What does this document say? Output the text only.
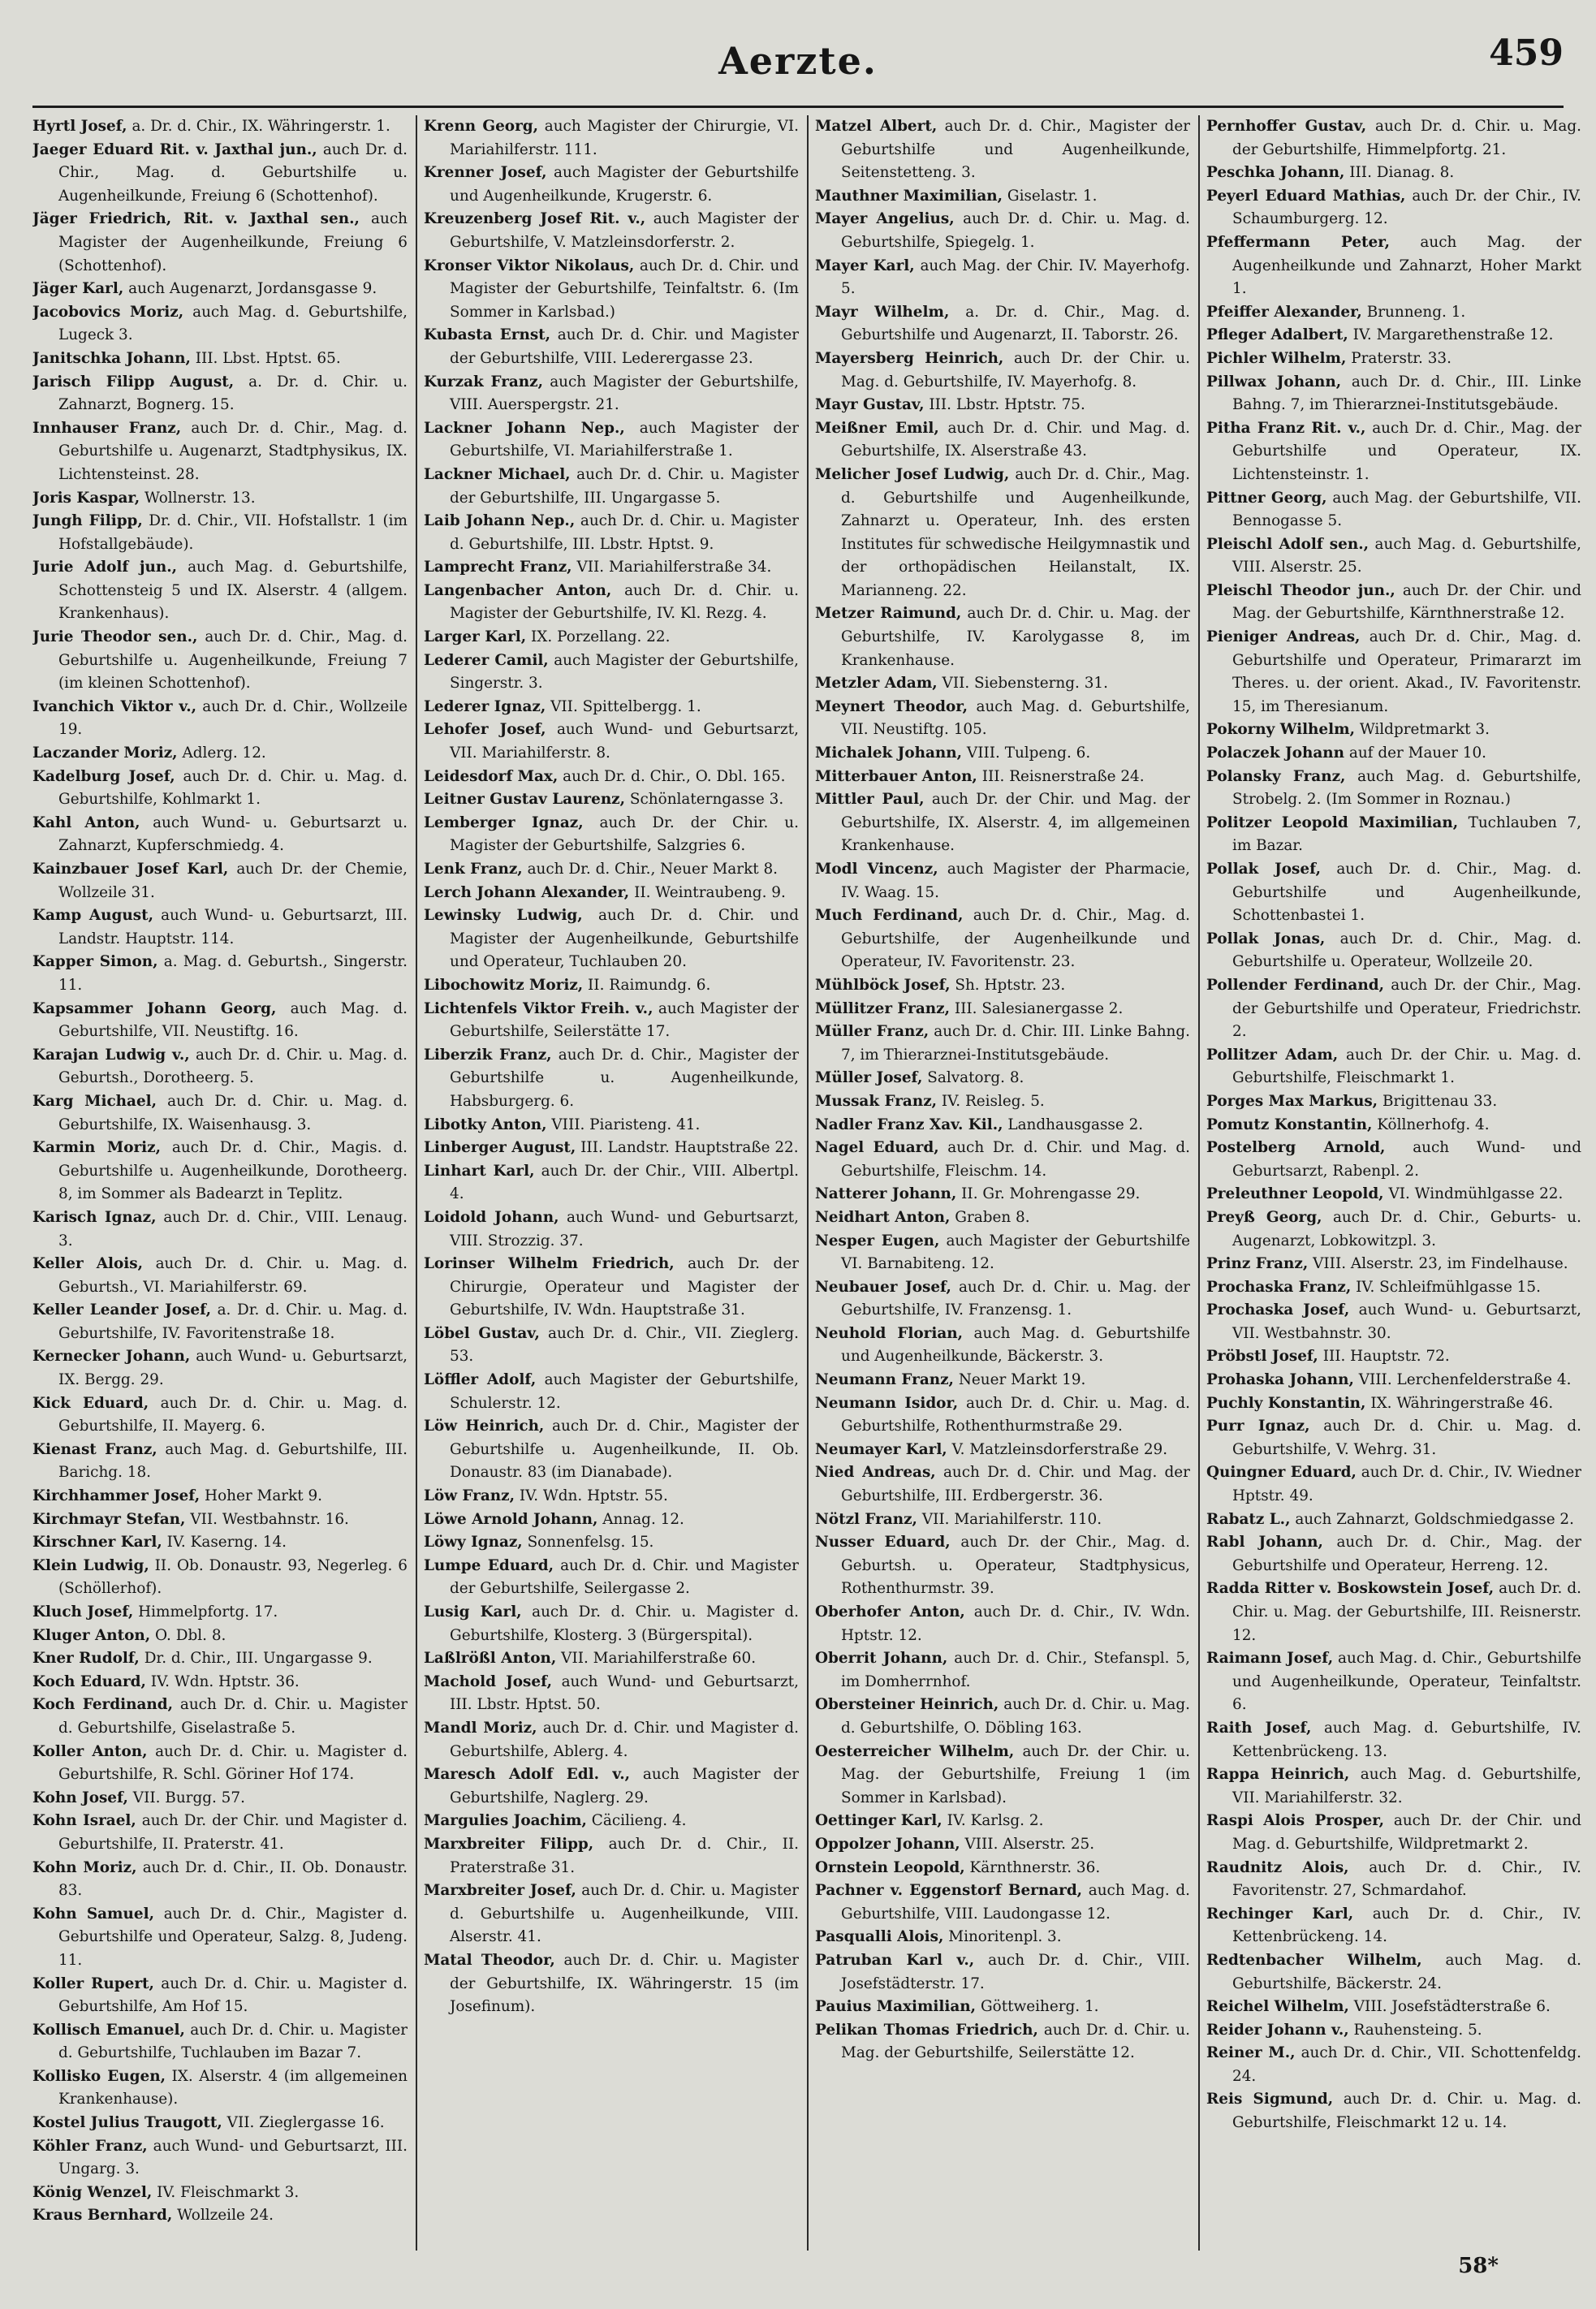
Aerzte.	459

Hyrtl Josef, a. Dr. d. Chir., IX. Währingerstr. 1.

Jaeger Eduard Rit. v. Jaxthal jun., auch Dr. d. Chir., Mag. d. Geburtshilfe u. Augenheilkunde, Freiung 6 (Schottenhof).

Jäger Friedrich, Rit. v. Jaxthal sen., auch Magister der Augenheilkunde, Freiung 6 (Schottenhof).

Jäger Karl, auch Augenarzt, Jordansgasse 9.

Jacobovics Moriz, auch Mag. d. Geburtshilfe, Lugeck 3.

Janitschka Johann, III. Lbst. Hptst. 65.

Jarisch Filipp August, a. Dr. d. Chir. u. Zahnarzt, Bognerg. 15.

Innhauser Franz, auch Dr. d. Chir., Mag. d. Geburtshilfe u. Augenarzt, Stadtphysikus, IX. Lichtensteinst. 28.

Joris Kaspar, Wollnerstr. 13.

Jungh Filipp, Dr. d. Chir., VII. Hofstallstr. 1 (im Hofstallgebäude).

Jurie Adolf jun., auch Mag. d. Geburtshilfe, Schottensteig 5 und IX. Alserstr. 4 (allgem. Krankenhaus).

Jurie Theodor sen., auch Dr. d. Chir., Mag. d. Geburtshilfe u. Augenheilkunde, Freiung 7 (im kleinen Schottenhof).

Ivanchich Viktor v., auch Dr. d. Chir., Wollzeile 19.

Laczander Moriz, Adlerg. 12.

Kadelburg Josef, auch Dr. d. Chir. u. Mag. d. Geburtshilfe, Kohlmarkt 1.

Kahl Anton, auch Wund- u. Geburtsarzt u. Zahnarzt, Kupferschmiedg. 4.

Kainzbauer Josef Karl, auch Dr. der Chemie, Wollzeile 31.

Kamp August, auch Wund- u. Geburtsarzt, III. Landstr. Hauptstr. 114.

Kapper Simon, a. Mag. d. Geburtsh., Singerstr. 11.

Kapsammer Johann Georg, auch Mag. d. Geburtshilfe, VII. Neustiftg. 16.

Karajan Ludwig v., auch Dr. d. Chir. u. Mag. d. Geburtsh., Dorotheerg. 5.

Karg Michael, auch Dr. d. Chir. u. Mag. d. Geburtshilfe, IX. Waisenhausg. 3.

Karmin Moriz, auch Dr. d. Chir., Magis. d. Geburtshilfe u. Augenheilkunde, Dorotheerg. 8, im Sommer als Badearzt in Teplitz.

Karisch Ignaz, auch Dr. d. Chir., VIII. Lenaug. 3.

Keller Alois, auch Dr. d. Chir. u. Mag. d. Geburtsh., VI. Mariahilferstr. 69.

Keller Leander Josef, a. Dr. d. Chir. u. Mag. d. Geburtshilfe, IV. Favoritenstraße 18.

Kernecker Johann, auch Wund- u. Geburtsarzt, IX. Bergg. 29.

Kick Eduard, auch Dr. d. Chir. u. Mag. d. Geburtshilfe, II. Mayerg. 6.

Kienast Franz, auch Mag. d. Geburtshilfe, III. Barichg. 18.

Kirchhammer Josef, Hoher Markt 9.

Kirchmayr Stefan, VII. Westbahnstr. 16.

Kirschner Karl, IV. Kaserng. 14.

Klein Ludwig, II. Ob. Donaustr. 93, Negerleg. 6 (Schöllerhof).

Kluch Josef, Himmelpfortg. 17.

Kluger Anton, O. Dbl. 8.

Kner Rudolf, Dr. d. Chir., III. Ungargasse 9.

Koch Eduard, IV. Wdn. Hptstr. 36.

Koch Ferdinand, auch Dr. d. Chir. u. Magister d. Geburtshilfe, Giselastraße 5.

Koller Anton, auch Dr. d. Chir. u. Magister d. Geburtshilfe, R. Schl. Göriner Hof 174.

Kohn Josef, VII. Burgg. 57.

Kohn Israel, auch Dr. der Chir. und Magister d. Geburtshilfe, II. Praterstr. 41.

Kohn Moriz, auch Dr. d. Chir., II. Ob. Donaustr. 83.

Kohn Samuel, auch Dr. d. Chir., Magister d. Geburtshilfe und Operateur, Salzg. 8, Judeng. 11.

Koller Rupert, auch Dr. d. Chir. u. Magister d. Geburtshilfe, Am Hof 15.

Kollisch Emanuel, auch Dr. d. Chir. u. Magister d. Geburtshilfe, Tuchlauben im Bazar 7.

Kollisko Eugen, IX. Alserstr. 4 (im allgemeinen Krankenhause).

Kostel Julius Traugott, VII. Zieglergasse 16.

Köhler Franz, auch Wund- und Geburtsarzt, III. Ungarg. 3.

König Wenzel, IV. Fleischmarkt 3.

Kraus Bernhard, Wollzeile 24.

Krenn Georg, auch Magister der Chirurgie, VI. Mariahilferstr. 111.

Krenner Josef, auch Magister der Geburtshilfe und Augenheilkunde, Krugerstr. 6.

Kreuzenberg Josef Rit. v., auch Magister der Geburtshilfe, V. Matzleinsdorferstr. 2.

Kronser Viktor Nikolaus, auch Dr. d. Chir. und Magister der Geburtshilfe, Teinfaltstr. 6. (Im Sommer in Karlsbad.)

Kubasta Ernst, auch Dr. d. Chir. und Magister der Geburtshilfe, VIII. Lederergasse 23.

Kurzak Franz, auch Magister der Geburtshilfe, VIII. Auerspergstr. 21.

Lackner Johann Nep., auch Magister der Geburtshilfe, VI. Mariahilferstraße 1.

Lackner Michael, auch Dr. d. Chir. u. Magister der Geburtshilfe, III. Ungargasse 5.

Laib Johann Nep., auch Dr. d. Chir. u. Magister d. Geburtshilfe, III. Lbstr. Hptst. 9.

Lamprecht Franz, VII. Mariahilferstraße 34.

Langenbacher Anton, auch Dr. d. Chir. u. Magister der Geburtshilfe, IV. Kl. Rezg. 4.

Larger Karl, IX. Porzellang. 22.

Lederer Camil, auch Magister der Geburtshilfe, Singerstr. 3.

Lederer Ignaz, VII. Spittelbergg. 1.

Lehofer Josef, auch Wund- und Geburtsarzt, VII. Mariahilferstr. 8.

Leidesdorf Max, auch Dr. d. Chir., O. Dbl. 165.

Leitner Gustav Laurenz, Schönlaterngasse 3.

Lemberger Ignaz, auch Dr. der Chir. u. Magister der Geburtshilfe, Salzgries 6.

Lenk Franz, auch Dr. d. Chir., Neuer Markt 8.

Lerch Johann Alexander, II. Weintraubeng. 9.

Lewinsky Ludwig, auch Dr. d. Chir. und Magister der Augenheilkunde, Geburtshilfe und Operateur, Tuchlauben 20.

Libochowitz Moriz, II. Raimundg. 6.

Lichtenfels Viktor Freih. v., auch Magister der Geburtshilfe, Seilerstätte 17.

Liberzik Franz, auch Dr. d. Chir., Magister der Geburtshilfe u. Augenheilkunde, Habsburgerg. 6.

Libotky Anton, VIII. Piaristeng. 41.

Linberger August, III. Landstr. Hauptstraße 22.

Linhart Karl, auch Dr. der Chir., VIII. Albertpl. 4.

Loidold Johann, auch Wund- und Geburtsarzt, VIII. Strozzig. 37.

Lorinser Wilhelm Friedrich, auch Dr. der Chirurgie, Operateur und Magister der Geburtshilfe, IV. Wdn. Hauptstraße 31.

Löbel Gustav, auch Dr. d. Chir., VII. Zieglerg. 53.

Löffler Adolf, auch Magister der Geburtshilfe, Schulerstr. 12.

Löw Heinrich, auch Dr. d. Chir., Magister der Geburtshilfe u. Augenheilkunde, II. Ob. Donaustr. 83 (im Dianabade).

Löw Franz, IV. Wdn. Hptstr. 55.

Löwe Arnold Johann, Annag. 12.

Löwy Ignaz, Sonnenfelsg. 15.

Lumpe Eduard, auch Dr. d. Chir. und Magister der Geburtshilfe, Seilergasse 2.

Lusig Karl, auch Dr. d. Chir. u. Magister d. Geburtshilfe, Klosterg. 3 (Bürgerspital).

Laßlrößl Anton, VII. Mariahilferstraße 60.

Machold Josef, auch Wund- und Geburtsarzt, III. Lbstr. Hptst. 50.

Mandl Moriz, auch Dr. d. Chir. und Magister d. Geburtshilfe, Ablerg. 4.

Maresch Adolf Edl. v., auch Magister der Geburtshilfe, Naglerg. 29.

Margulies Joachim, Cäcilieng. 4.

Marxbreiter Filipp, auch Dr. d. Chir., II. Praterstraße 31.

Marxbreiter Josef, auch Dr. d. Chir. u. Magister d. Geburtshilfe u. Augenheilkunde, VIII. Alserstr. 41.

Matal Theodor, auch Dr. d. Chir. u. Magister der Geburtshilfe, IX. Währingerstr. 15 (im Josefinum).

Matzel Albert, auch Dr. d. Chir., Magister der Geburtshilfe und Augenheilkunde, Seitenstetteng. 3.

Mauthner Maximilian, Giselastr. 1.

Mayer Angelius, auch Dr. d. Chir. u. Mag. d. Geburtshilfe, Spiegelg. 1.

Mayer Karl, auch Mag. der Chir. IV. Mayerhofg. 5.

Mayr Wilhelm, a. Dr. d. Chir., Mag. d. Geburtshilfe und Augenarzt, II. Taborstr. 26.

Mayersberg Heinrich, auch Dr. der Chir. u. Mag. d. Geburtshilfe, IV. Mayerhofg. 8.

Mayr Gustav, III. Lbstr. Hptstr. 75.

Meißner Emil, auch Dr. d. Chir. und Mag. d. Geburtshilfe, IX. Alserstraße 43.

Melicher Josef Ludwig, auch Dr. d. Chir., Mag. d. Geburtshilfe und Augenheilkunde, Zahnarzt u. Operateur, Inh. des ersten Institutes für schwedische Heilgymnastik und der orthopädischen Heilanstalt, IX. Marianneng. 22.

Metzer Raimund, auch Dr. d. Chir. u. Mag. der Geburtshilfe, IV. Karolygasse 8, im Krankenhause.

Metzler Adam, VII. Siebensterng. 31.

Meynert Theodor, auch Mag. d. Geburtshilfe, VII. Neustiftg. 105.

Michalek Johann, VIII. Tulpeng. 6.

Mitterbauer Anton, III. Reisnerstraße 24.

Mittler Paul, auch Dr. der Chir. und Mag. der Geburtshilfe, IX. Alserstr. 4, im allgemeinen Krankenhause.

Modl Vincenz, auch Magister der Pharmacie, IV. Waag. 15.

Much Ferdinand, auch Dr. d. Chir., Mag. d. Geburtshilfe, der Augenheilkunde und Operateur, IV. Favoritenstr. 23.

Mühlböck Josef, Sh. Hptstr. 23.

Müllitzer Franz, III. Salesianergasse 2.

Müller Franz, auch Dr. d. Chir. III. Linke Bahng. 7, im Thierarznei-Institutsgebäude.

Müller Josef, Salvatorg. 8.

Mussak Franz, IV. Reisleg. 5.

Nadler Franz Xav. Kil., Landhausgasse 2.

Nagel Eduard, auch Dr. d. Chir. und Mag. d. Geburtshilfe, Fleischm. 14.

Natterer Johann, II. Gr. Mohrengasse 29.

Neidhart Anton, Graben 8.

Nesper Eugen, auch Magister der Geburtshilfe VI. Barnabiteng. 12.

Neubauer Josef, auch Dr. d. Chir. u. Mag. der Geburtshilfe, IV. Franzensg. 1.

Neuhold Florian, auch Mag. d. Geburtshilfe und Augenheilkunde, Bäckerstr. 3.

Neumann Franz, Neuer Markt 19.

Neumann Isidor, auch Dr. d. Chir. u. Mag. d. Geburtshilfe, Rothenthurmstraße 29.

Neumayer Karl, V. Matzleinsdorferstraße 29.

Nied Andreas, auch Dr. d. Chir. und Mag. der Geburtshilfe, III. Erdbergerstr. 36.

Nötzl Franz, VII. Mariahilferstr. 110.

Nusser Eduard, auch Dr. der Chir., Mag. d. Geburtsh. u. Operateur, Stadtphysicus, Rothenthurmstr. 39.

Oberhofer Anton, auch Dr. d. Chir., IV. Wdn. Hptstr. 12.

Oberrit Johann, auch Dr. d. Chir., Stefanspl. 5, im Domherrnhof.

Obersteiner Heinrich, auch Dr. d. Chir. u. Mag. d. Geburtshilfe, O. Döbling 163.

Oesterreicher Wilhelm, auch Dr. der Chir. u. Mag. der Geburtshilfe, Freiung 1 (im Sommer in Karlsbad).

Oettinger Karl, IV. Karlsg. 2.

Oppolzer Johann, VIII. Alserstr. 25.

Ornstein Leopold, Kärnthnerstr. 36.

Pachner v. Eggenstorf Bernard, auch Mag. d. Geburtshilfe, VIII. Laudongasse 12.

Pasqualli Alois, Minoritenpl. 3.

Patruban Karl v., auch Dr. d. Chir., VIII. Josefstädterstr. 17.

Pauius Maximilian, Göttweiherg. 1.

Pelikan Thomas Friedrich, auch Dr. d. Chir. u. Mag. der Geburtshilfe, Seilerstätte 12.

Pernhoffer Gustav, auch Dr. d. Chir. u. Mag. der Geburtshilfe, Himmelpfortg. 21.

Peschka Johann, III. Dianag. 8.

Peyerl Eduard Mathias, auch Dr. der Chir., IV. Schaumburgerg. 12.

Pfeffermann Peter, auch Mag. der Augenheilkunde und Zahnarzt, Hoher Markt 1.

Pfeiffer Alexander, Brunneng. 1.

Pfleger Adalbert, IV. Margarethenstraße 12.

Pichler Wilhelm, Praterstr. 33.

Pillwax Johann, auch Dr. d. Chir., III. Linke Bahng. 7, im Thierarznei-Institutsgebäude.

Pitha Franz Rit. v., auch Dr. d. Chir., Mag. der Geburtshilfe und Operateur, IX. Lichtensteinstr. 1.

Pittner Georg, auch Mag. der Geburtshilfe, VII. Bennogasse 5.

Pleischl Adolf sen., auch Mag. d. Geburtshilfe, VIII. Alserstr. 25.

Pleischl Theodor jun., auch Dr. der Chir. und Mag. der Geburtshilfe, Kärnthnerstraße 12.

Pieniger Andreas, auch Dr. d. Chir., Mag. d. Geburtshilfe und Operateur, Primararzt im Theres. u. der orient. Akad., IV. Favoritenstr. 15, im Theresianum.

Pokorny Wilhelm, Wildpretmarkt 3.

Polaczek Johann auf der Mauer 10.

Polansky Franz, auch Mag. d. Geburtshilfe, Strobelg. 2. (Im Sommer in Roznau.)

Politzer Leopold Maximilian, Tuchlauben 7, im Bazar.

Pollak Josef, auch Dr. d. Chir., Mag. d. Geburtshilfe und Augenheilkunde, Schottenbastei 1.

Pollak Jonas, auch Dr. d. Chir., Mag. d. Geburtshilfe u. Operateur, Wollzeile 20.

Pollender Ferdinand, auch Dr. der Chir., Mag. der Geburtshilfe und Operateur, Friedrichstr. 2.

Pollitzer Adam, auch Dr. der Chir. u. Mag. d. Geburtshilfe, Fleischmarkt 1.

Porges Max Markus, Brigittenau 33.

Pomutz Konstantin, Köllnerhofg. 4.

Postelberg Arnold, auch Wund- und Geburtsarzt, Rabenpl. 2.

Preleuthner Leopold, VI. Windmühlgasse 22.

Preyß Georg, auch Dr. d. Chir., Geburts- u. Augenarzt, Lobkowitzpl. 3.

Prinz Franz, VIII. Alserstr. 23, im Findelhause.

Prochaska Franz, IV. Schleifmühlgasse 15.

Prochaska Josef, auch Wund- u. Geburtsarzt, VII. Westbahnstr. 30.

Pröbstl Josef, III. Hauptstr. 72.

Prohaska Johann, VIII. Lerchenfelderstraße 4.

Puchly Konstantin, IX. Währingerstraße 46.

Purr Ignaz, auch Dr. d. Chir. u. Mag. d. Geburtshilfe, V. Wehrg. 31.

Quingner Eduard, auch Dr. d. Chir., IV. Wiedner Hptstr. 49.

Rabatz L., auch Zahnarzt, Goldschmiedgasse 2.

Rabl Johann, auch Dr. d. Chir., Mag. der Geburtshilfe und Operateur, Herreng. 12.

Radda Ritter v. Boskowstein Josef, auch Dr. d. Chir. u. Mag. der Geburtshilfe, III. Reisnerstr. 12.

Raimann Josef, auch Mag. d. Chir., Geburtshilfe und Augenheilkunde, Operateur, Teinfaltstr. 6.

Raith Josef, auch Mag. d. Geburtshilfe, IV. Kettenbrückeng. 13.

Rappa Heinrich, auch Mag. d. Geburtshilfe, VII. Mariahilferstr. 32.

Raspi Alois Prosper, auch Dr. der Chir. und Mag. d. Geburtshilfe, Wildpretmarkt 2.

Raudnitz Alois, auch Dr. d. Chir., IV. Favoritenstr. 27, Schmardahof.

Rechinger Karl, auch Dr. d. Chir., IV. Kettenbrückeng. 14.

Redtenbacher Wilhelm, auch Mag. d. Geburtshilfe, Bäckerstr. 24.

Reichel Wilhelm, VIII. Josefstädterstraße 6.

Reider Johann v., Rauhensteing. 5.

Reiner M., auch Dr. d. Chir., VII. Schottenfeldg. 24.

Reis Sigmund, auch Dr. d. Chir. u. Mag. d. Geburtshilfe, Fleischmarkt 12 u. 14.

58*
